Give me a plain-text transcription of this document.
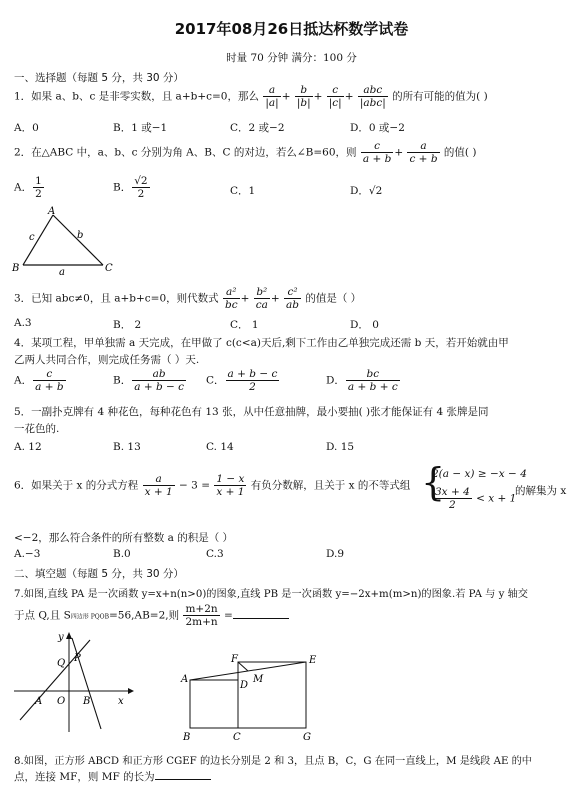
2017年08月26日抵达杯数学试卷
时量 70 分钟 满分：100 分
一、选择题（每题 5 分，共 30 分）
1．如果 a、b、c 是非零实数，且 a+b+c=0，那么 $\frac{a}{|a|} + \frac{b}{|b|} + \frac{c}{|c|}$ +
abc
|abc|
的所有可能的值为( )
A．0	B．1 或−1	C．2 或−2	D．0 或−2
2．在△ABC 中，a、b、c 分别为角 A、B、C 的对边，若么∠B=60，则 $\frac{c}{a + b} + \frac{a}{c + b}$ 的值( )
A． $\frac{1}{2}$	B． $\frac{√2}{2}$	C．1	D．√2
A
B	C
a
b
c
3．已知 abc≠0，且 a+b+c=0，则代数式 $\frac{\text{a²}}{bc} + \frac{\text{b²}}{ca} + \frac{\text{c²}}{ab}$ 的值是（ ）
A.3	B． 2	C． 1	D． 0
4．某项工程，甲单独需 a 天完成，在甲做了 c(c<a)天后,剩下工作由乙单独完成还需 b 天，若开始就由甲
乙两人共同合作，则完成任务需（ ）天.
A． $\frac{c}{a + b}$	B． $\frac{ab}{a + b - c}$ C． $\frac{a + b - c}{2}$	D． $\frac{bc}{a + b + c}$
5．一副扑克牌有 4 种花色，每种花色有 13 张，从中任意抽牌，最小要抽( )张才能保证有 4 张牌是同
一花色的.
A. 12	B. 13	C. 14	D. 15
6．如果关于 x 的分式方程 $\frac{a}{x + 1} - 3 = \frac{1 - x}{x + 1}$ 有负分数解，且关于 x 的不等式组 {
2(a − x) ≥ −x − 4
$\frac{3x + 4}{2} < x + 1$
的解集为 x
<−2，那么符合条件的所有整数 a 的积是（ ）
A.−3	B.0	C.3	D.9
二、填空题（每题 5 分，共 30 分）
7.如图,直线 PA 是一次函数 y=x+n(n>0)的图象,直线 PB 是一次函数 y=−2x+m(m>n)的图象.若 PA 与 y 轴交
于点 Q,且 S四边形 PQOB=56,AB=2,则 $\frac{m+2n}{2m+n}$ =
y
x
Q P
A O B
F	E
A
D
M
B	C	G
8.如图，正方形 ABCD 和正方形 CGEF 的边长分别是 2 和 3，且点 B，C，G 在同一直线上，M 是线段 AE 的中
点，连接 MF，则 MF 的长为
